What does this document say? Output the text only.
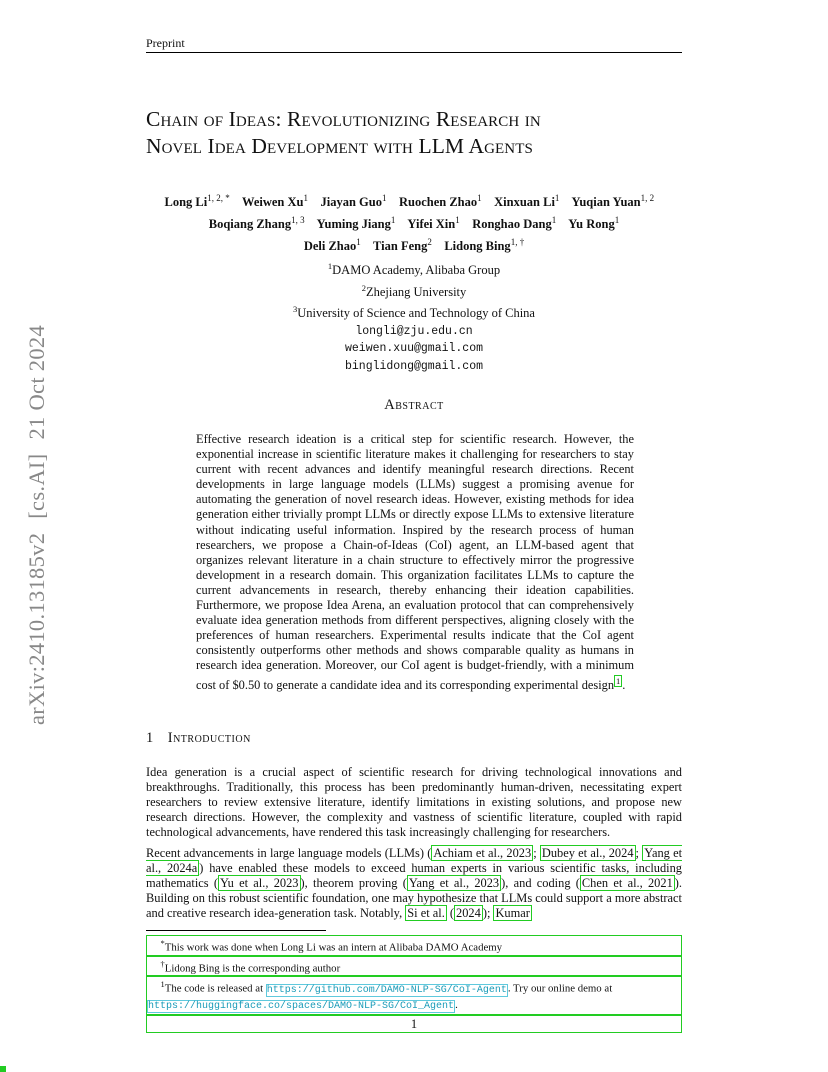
Preprint
arXiv:2410.13185v2[cs.AI]21 Oct 2024
Chain of Ideas: Revolutionizing Research in
Novel Idea Development with LLM Agents
Long $Li^{1, 2, *}$ Weiwen Xu$^1$ Jiayan Guo$^1$ Ruochen Zhao$^1$ Xinxuan Li$^1$ Yuqian Yuan$^{1, 2}$    Boqiang Zhang$^{1, 3}$ Yuming Jiang$^1$ Yifei Xin$^1$ Ronghao Dang$^1$ Yu Rong$^1$
Deli Zhao$^1$ Tian Feng$^2$ Lidong Bing$^{1, \dagger}$
$^1$DAMO Academy, Alibaba Group
$^2$Zhejiang University
$^3$University of Science and Technology of China
longli@zju.edu.cn
weiwen.xuu@gmail.com
binglidong@gmail.com
Abstract
Effective research ideation is a critical step for scientific research. However, the exponential increase in scientific literature makes it challenging for researchers to stay current with recent advances and identify meaningful research directions. Recent developments in large language models (LLMs) suggest a promising avenue for automating the generation of novel research ideas. However, existing methods for idea generation either trivially prompt LLMs or directly expose LLMs to extensive literature without indicating useful information. Inspired by the research process of human researchers, we propose a Chain-of-Ideas (CoI) agent, an LLM-based agent that organizes relevant literature in a chain structure to effectively mirror the progressive development in a research domain. This organization facilitates LLMs to capture the current advancements in research, thereby enhancing their ideation capabilities. Furthermore, we propose Idea Arena, an evaluation protocol that can comprehensively evaluate idea generation methods from different perspectives, aligning closely with the preferences of human researchers. Experimental results indicate that the CoI agent consistently outperforms other methods and shows comparable quality as humans in research idea generation. Moreover, our CoI agent is budget-friendly, with a minimum cost of $0.50 to generate a candidate idea and its corresponding experimental design $^1$ .
1 Introduction
Idea generation is a crucial aspect of scientific research for driving technological innovations and breakthroughs. Traditionally, this process has been predominantly human-driven, necessitating expert researchers to review extensive literature, identify limitations in existing solutions, and propose new research directions. However, the complexity and vastness of scientific literature, coupled with rapid technological advancements, have rendered this task increasingly challenging for researchers.
Recent advancements in large language models (LLMs) ( Achiam et al., 2023 ; Dubey et al., 2024 ; Yang et al., 2024a ) have enabled these models to exceed human experts in various scientific tasks, including mathematics ( Yu et al., 2023 ), theorem proving ( Yang et al., 2023 ), and coding ( Chen et al., 2021 ). Building on this robust scientific foundation, one may hypothesize that LLMs could support a more abstract and creative research idea-generation task. Notably, Si et al. ( 2024 ); Kumar
*This work was done when Long Li was an intern at Alibaba DAMO Academy
†Lidong Bing is the corresponding author
$^1$The code is released at https://github.com/DAMO-NLP-SG/CoI-Agent. Try our online demo at https://huggingface.co/spaces/DAMO-NLP-SG/CoI_Agent.
1
